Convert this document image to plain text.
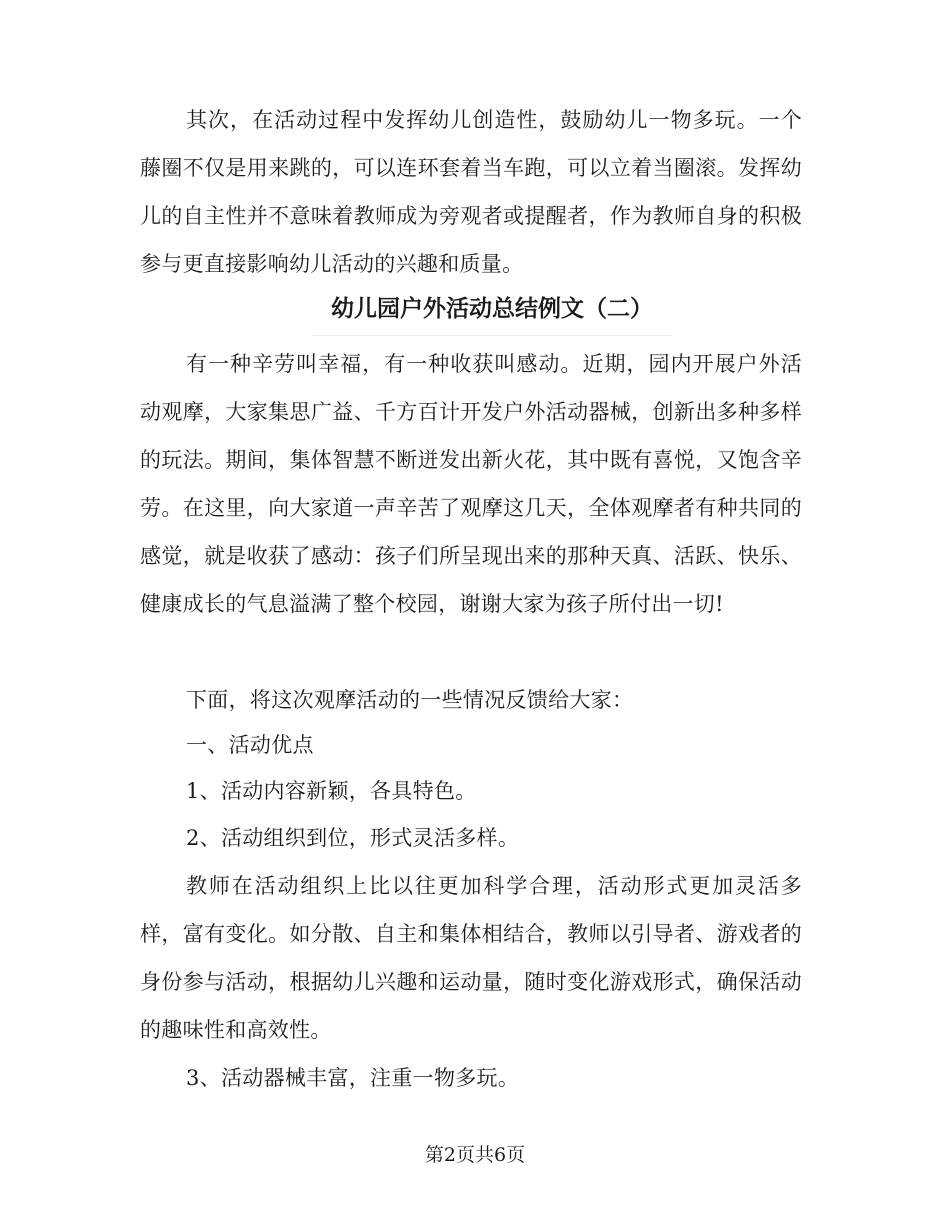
其次，在活动过程中发挥幼儿创造性，鼓励幼儿一物多玩。一个藤圈不仅是用来跳的，可以连环套着当车跑，可以立着当圈滚。发挥幼儿的自主性并不意味着教师成为旁观者或提醒者，作为教师自身的积极参与更直接影响幼儿活动的兴趣和质量。

幼儿园户外活动总结例文（二）

有一种辛劳叫幸福，有一种收获叫感动。近期，园内开展户外活动观摩，大家集思广益、千方百计开发户外活动器械，创新出多种多样的玩法。期间，集体智慧不断迸发出新火花，其中既有喜悦，又饱含辛劳。在这里，向大家道一声辛苦了观摩这几天，全体观摩者有种共同的感觉，就是收获了感动：孩子们所呈现出来的那种天真、活跃、快乐、健康成长的气息溢满了整个校园，谢谢大家为孩子所付出一切!

下面，将这次观摩活动的一些情况反馈给大家：

一、活动优点

1、活动内容新颖，各具特色。

2、活动组织到位，形式灵活多样。

教师在活动组织上比以往更加科学合理，活动形式更加灵活多样，富有变化。如分散、自主和集体相结合，教师以引导者、游戏者的身份参与活动，根据幼儿兴趣和运动量，随时变化游戏形式，确保活动的趣味性和高效性。

3、活动器械丰富，注重一物多玩。

第2页共6页
